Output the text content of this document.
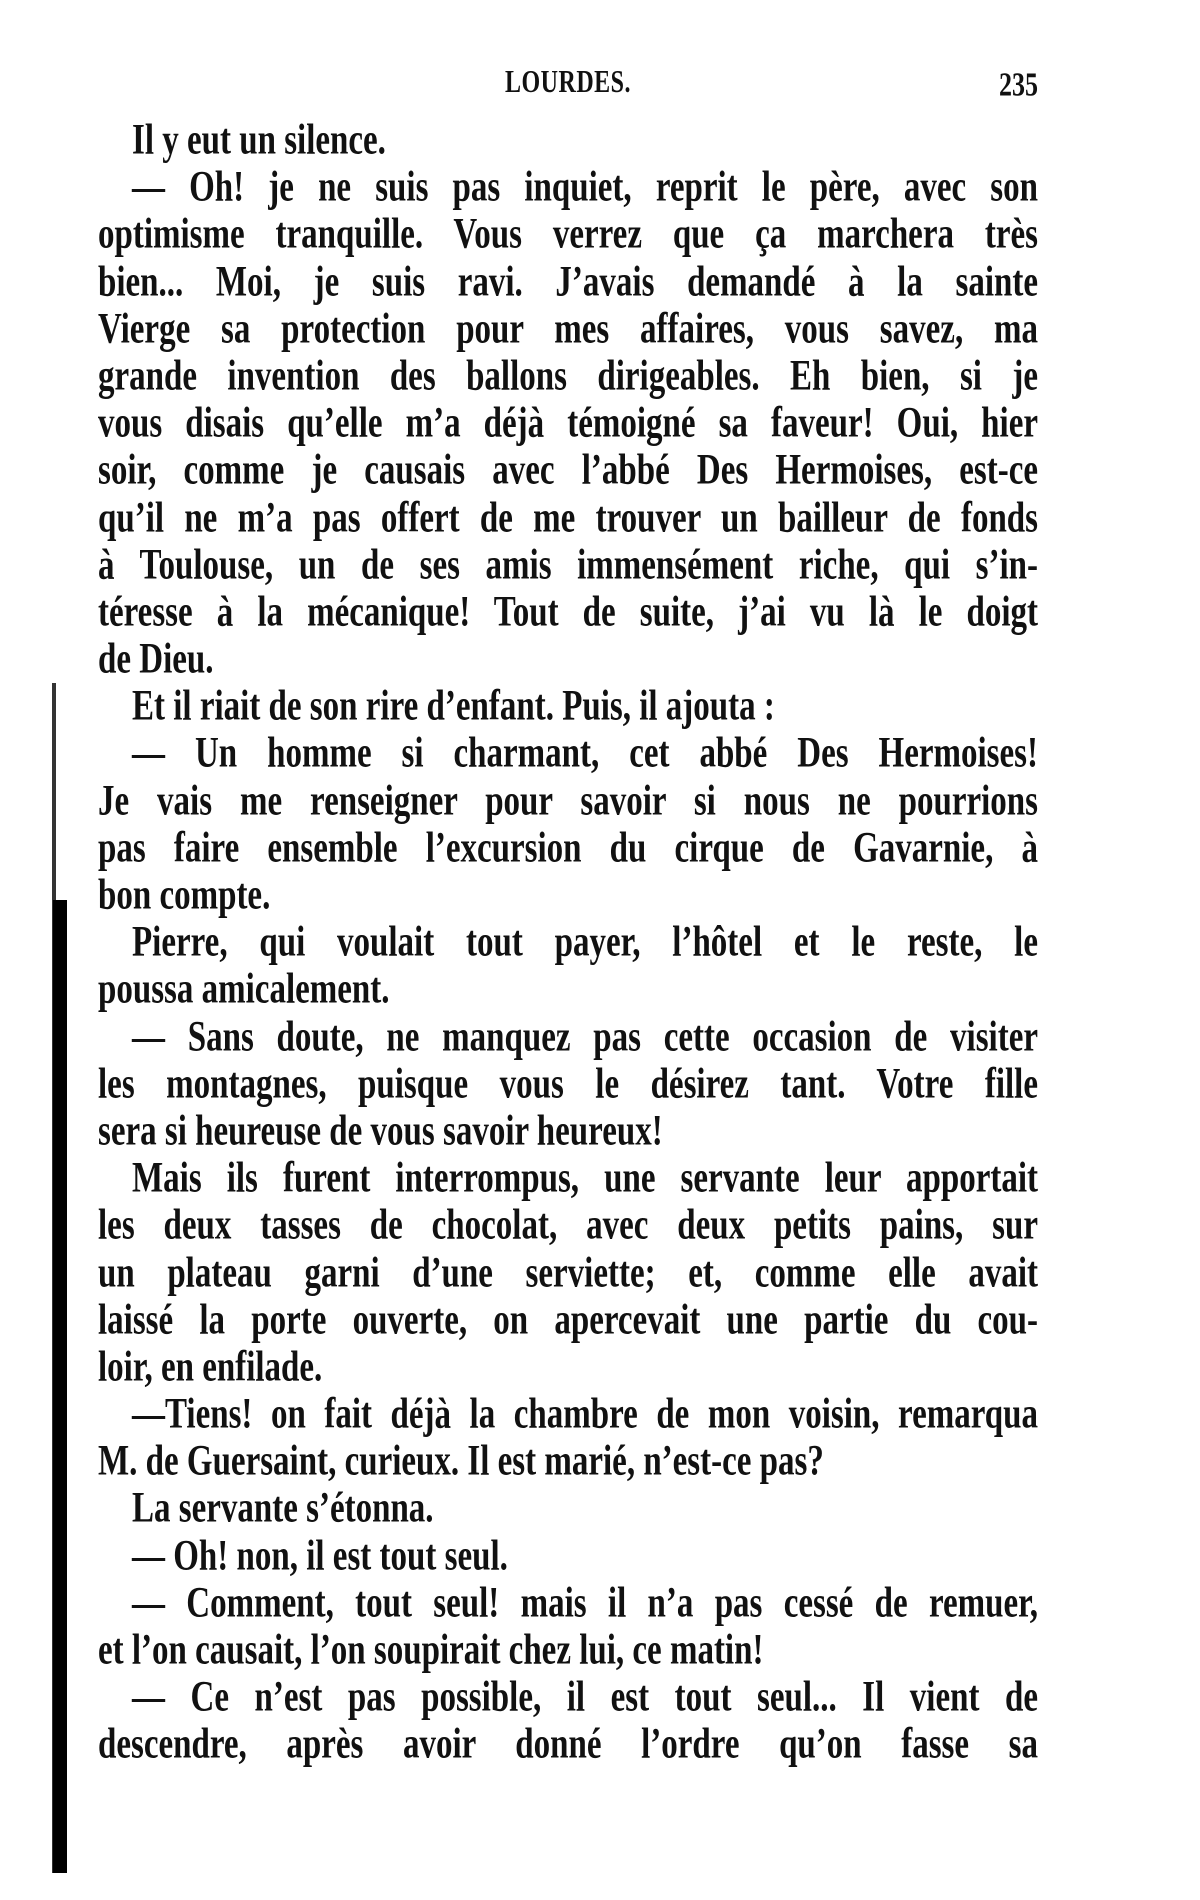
LOURDES.	235
Il y eut un silence.
— Oh! je ne suis pas inquiet, reprit le père, avec son
optimisme tranquille. Vous verrez que ça marchera très
bien... Moi, je suis ravi. J’avais demandé à la sainte
Vierge sa protection pour mes affaires, vous savez, ma
grande invention des ballons dirigeables. Eh bien, si je
vous disais qu’elle m’a déjà témoigné sa faveur! Oui, hier
soir, comme je causais avec l’abbé Des Hermoises, est-ce
qu’il ne m’a pas offert de me trouver un bailleur de fonds
à Toulouse, un de ses amis immensément riche, qui s’in-
téresse à la mécanique! Tout de suite, j’ai vu là le doigt
de Dieu.
Et il riait de son rire d’enfant. Puis, il ajouta :
— Un homme si charmant, cet abbé Des Hermoises!
Je vais me renseigner pour savoir si nous ne pourrions
pas faire ensemble l’excursion du cirque de Gavarnie, à
bon compte.
Pierre, qui voulait tout payer, l’hôtel et le reste, le
poussa amicalement.
— Sans doute, ne manquez pas cette occasion de visiter
les montagnes, puisque vous le désirez tant. Votre fille
sera si heureuse de vous savoir heureux!
Mais ils furent interrompus, une servante leur apportait
les deux tasses de chocolat, avec deux petits pains, sur
un plateau garni d’une serviette; et, comme elle avait
laissé la porte ouverte, on apercevait une partie du cou-
loir, en enfilade.
—Tiens! on fait déjà la chambre de mon voisin, remarqua
M. de Guersaint, curieux. Il est marié, n’est-ce pas?
La servante s’étonna.
— Oh! non, il est tout seul.
— Comment, tout seul! mais il n’a pas cessé de remuer,
et l’on causait, l’on soupirait chez lui, ce matin!
— Ce n’est pas possible, il est tout seul... Il vient de
descendre, après avoir donné l’ordre qu’on fasse sa
